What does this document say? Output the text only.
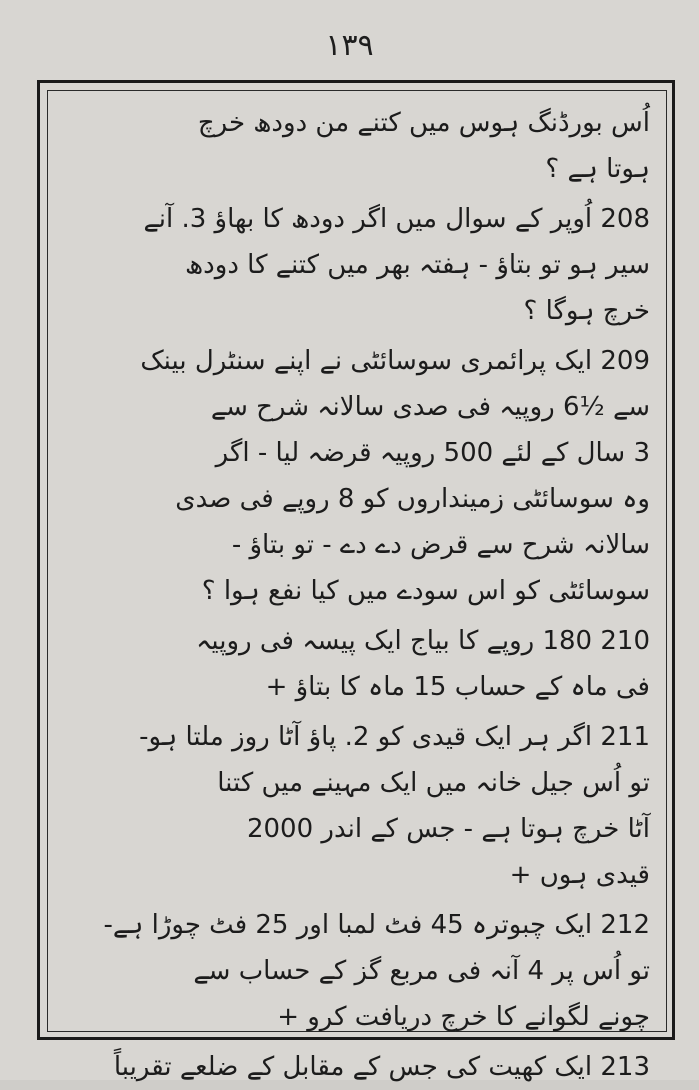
۱۳۹
اُس بورڈنگ ہوس میں کتنے من دودھ خرچ
ہوتا ہے ؟
208 اُوپر کے سوال میں اگر دودھ کا بھاؤ 3. آنے
سیر ہو تو بتاؤ - ہفتہ بھر میں کتنے کا دودھ
خرچ ہوگا ؟
209 ایک پرائمری سوسائٹی نے اپنے سنٹرل بینک
سے ½6 روپیہ فی صدی سالانہ شرح سے
3 سال کے لئے 500 روپیہ قرضہ لیا - اگر
وہ سوسائٹی زمینداروں کو 8 روپے فی صدی
سالانہ شرح سے قرض دے دے - تو بتاؤ -
سوسائٹی کو اس سودے میں کیا نفع ہوا ؟
210 180 روپے کا بیاج ایک پیسہ فی روپیہ
فی ماہ کے حساب 15 ماہ کا بتاؤ +
211 اگر ہر ایک قیدی کو 2. پاؤ آٹا روز ملتا ہو-
تو اُس جیل خانہ میں ایک مہینے میں کتنا
آٹا خرچ ہوتا ہے - جس کے اندر 2000
قیدی ہوں +
212 ایک چبوترہ 45 فٹ لمبا اور 25 فٹ چوڑا ہے-
تو اُس پر 4 آنہ فی مربع گز کے حساب سے
چونے لگوانے کا خرچ دریافت کرو +
213 ایک کھیت کی جس کے مقابل کے ضلعے تقریباً
